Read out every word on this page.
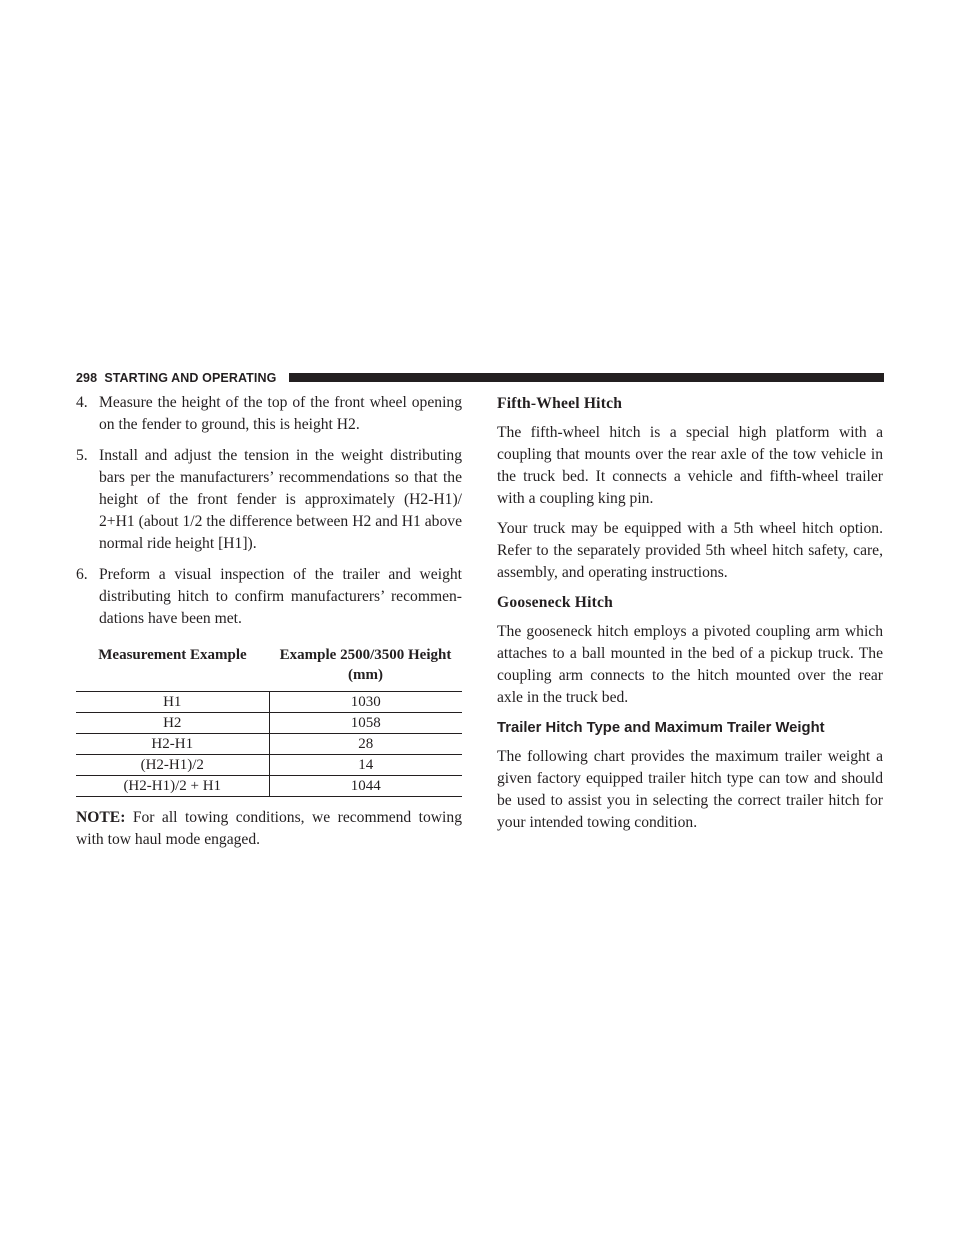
298 STARTING AND OPERATING
4. Measure the height of the top of the front wheel opening on the fender to ground, this is height H2.
5. Install and adjust the tension in the weight distributing bars per the manufacturers’ recommendations so that the height of the front fender is approximately (H2-H1)/ 2+H1 (about 1/2 the difference between H2 and H1 above normal ride height [H1]).
6. Preform a visual inspection of the trailer and weight distributing hitch to confirm manufacturers’ recommen- dations have been met.
Measurement Example	Example 2500/3500 Height (mm)
H1	1030
H2	1058
H2-H1	28
(H2-H1)/2	14
(H2-H1)/2 + H1	1044

NOTE: For all towing conditions, we recommend towing with tow haul mode engaged.

Fifth-Wheel Hitch

The fifth-wheel hitch is a special high platform with a coupling that mounts over the rear axle of the tow vehicle in the truck bed. It connects a vehicle and fifth-wheel trailer with a coupling king pin.

Your truck may be equipped with a 5th wheel hitch option. Refer to the separately provided 5th wheel hitch safety, care, assembly, and operating instructions.

Gooseneck Hitch

The gooseneck hitch employs a pivoted coupling arm which attaches to a ball mounted in the bed of a pickup truck. The coupling arm connects to the hitch mounted over the rear axle in the truck bed.

Trailer Hitch Type and Maximum Trailer Weight

The following chart provides the maximum trailer weight a given factory equipped trailer hitch type can tow and should be used to assist you in selecting the correct trailer hitch for your intended towing condition.
